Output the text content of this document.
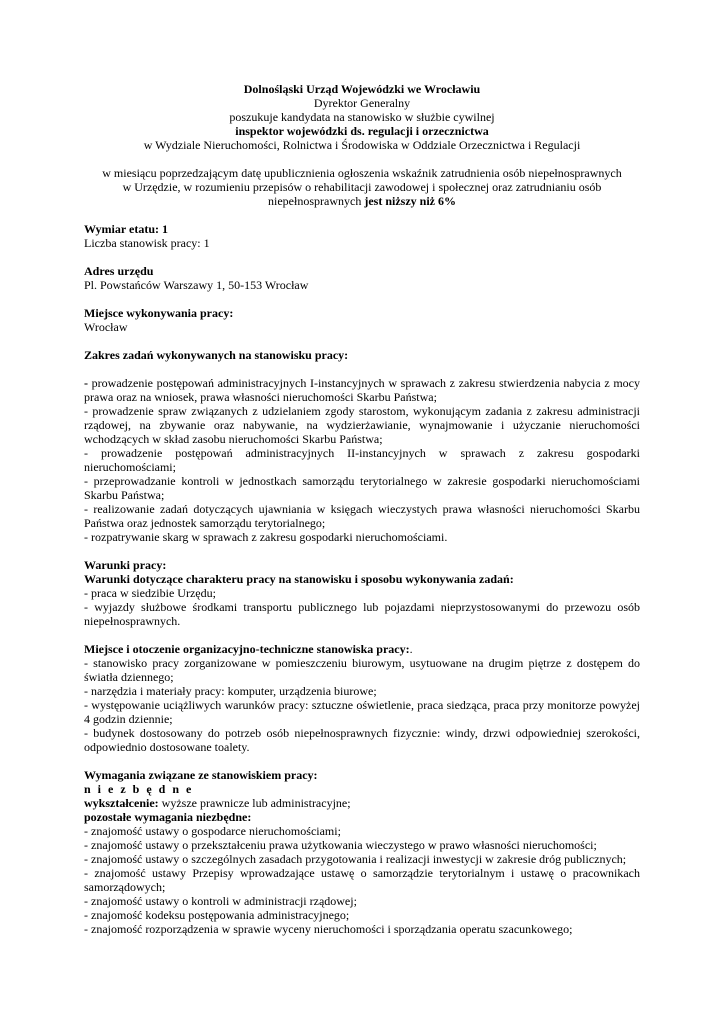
Dolnośląski Urząd Wojewódzki we Wrocławiu

Dyrektor Generalny

poszukuje kandydata na stanowisko w służbie cywilnej

inspektor wojewódzki ds. regulacji i orzecznictwa

w Wydziale Nieruchomości, Rolnictwa i Środowiska w Oddziale Orzecznictwa i Regulacji

w miesiącu poprzedzającym datę upublicznienia ogłoszenia wskaźnik zatrudnienia osób niepełnosprawnych

w Urzędzie, w rozumieniu przepisów o rehabilitacji zawodowej i społecznej oraz zatrudnianiu osób

niepełnosprawnych jest niższy niż 6%

Wymiar etatu: 1

Liczba stanowisk pracy: 1

Adres urzędu

Pl. Powstańców Warszawy 1, 50-153 Wrocław

Miejsce wykonywania pracy:

Wrocław

Zakres zadań wykonywanych na stanowisku pracy:

- prowadzenie postępowań administracyjnych I-instancyjnych w sprawach z zakresu stwierdzenia nabycia z mocy prawa oraz na wniosek, prawa własności nieruchomości Skarbu Państwa;

- prowadzenie spraw związanych z udzielaniem zgody starostom, wykonującym zadania z zakresu administracji rządowej, na zbywanie oraz nabywanie, na wydzierżawianie, wynajmowanie i użyczanie nieruchomości wchodzących w skład zasobu nieruchomości Skarbu Państwa;

- prowadzenie postępowań administracyjnych II-instancyjnych w sprawach z zakresu gospodarki nieruchomościami;

- przeprowadzanie kontroli w jednostkach samorządu terytorialnego w zakresie gospodarki nieruchomościami Skarbu Państwa;

- realizowanie zadań dotyczących ujawniania w księgach wieczystych prawa własności nieruchomości Skarbu Państwa oraz jednostek samorządu terytorialnego;

- rozpatrywanie skarg w sprawach z zakresu gospodarki nieruchomościami.

Warunki pracy:

Warunki dotyczące charakteru pracy na stanowisku i sposobu wykonywania zadań:

- praca w siedzibie Urzędu;

- wyjazdy służbowe środkami transportu publicznego lub pojazdami nieprzystosowanymi do przewozu osób niepełnosprawnych.

Miejsce i otoczenie organizacyjno-techniczne stanowiska pracy:.

- stanowisko pracy zorganizowane w pomieszczeniu biurowym, usytuowane na drugim piętrze z dostępem do światła dziennego;

- narzędzia i materiały pracy: komputer, urządzenia biurowe;

- występowanie uciążliwych warunków pracy: sztuczne oświetlenie, praca siedząca, praca przy monitorze powyżej 4 godzin dziennie;

- budynek dostosowany do potrzeb osób niepełnosprawnych fizycznie: windy, drzwi odpowiedniej szerokości, odpowiednio dostosowane toalety.

Wymagania związane ze stanowiskiem pracy:

n i e z b ę d n e

wykształcenie: wyższe prawnicze lub administracyjne;

pozostałe wymagania niezbędne:

- znajomość ustawy o gospodarce nieruchomościami;

- znajomość ustawy o przekształceniu prawa użytkowania wieczystego w prawo własności nieruchomości;

- znajomość ustawy o szczególnych zasadach przygotowania i realizacji inwestycji w zakresie dróg publicznych;

- znajomość ustawy Przepisy wprowadzające ustawę o samorządzie terytorialnym i ustawę o pracownikach samorządowych;

- znajomość ustawy o kontroli w administracji rządowej;

- znajomość kodeksu postępowania administracyjnego;

- znajomość rozporządzenia w sprawie wyceny nieruchomości i sporządzania operatu szacunkowego;
